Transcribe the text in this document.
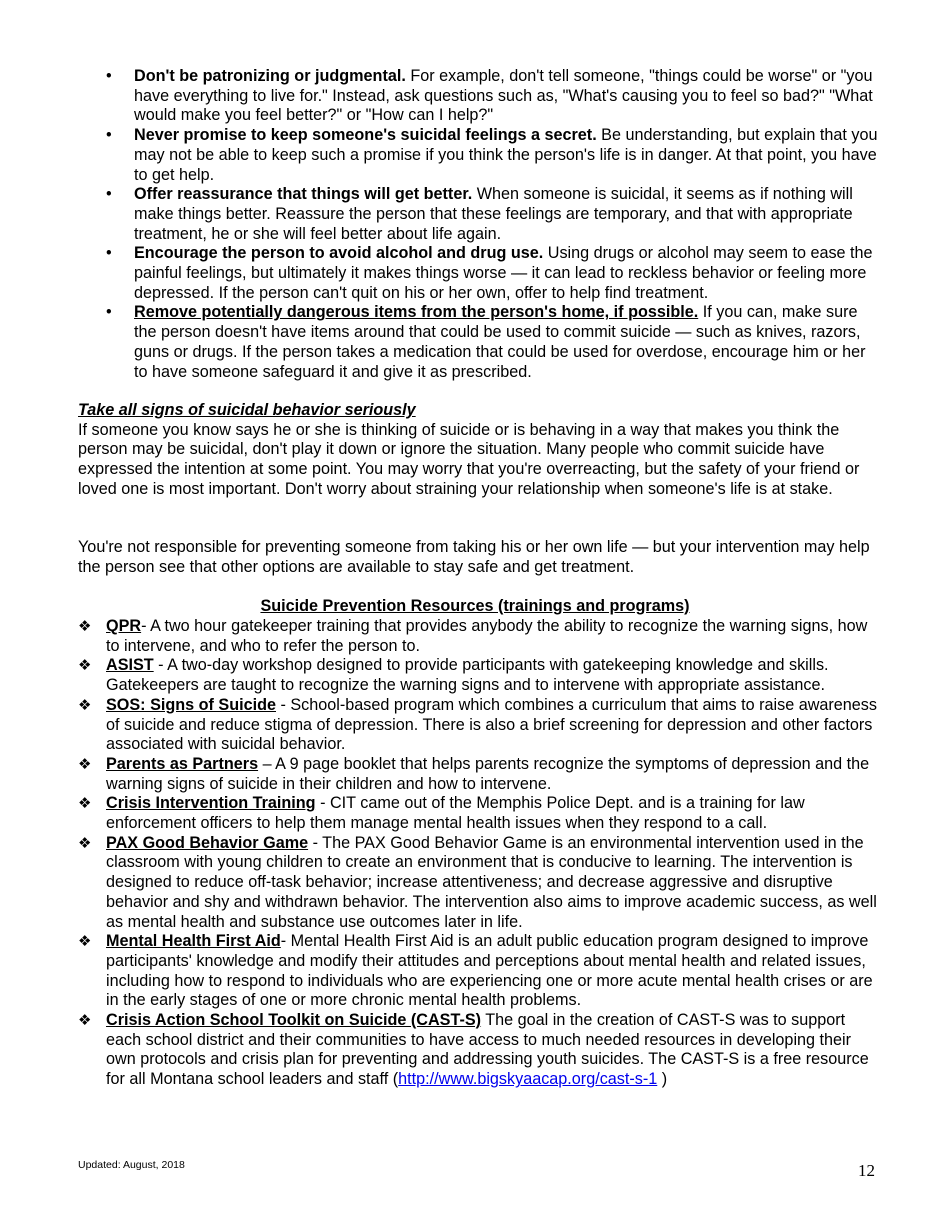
• Don't be patronizing or judgmental. For example, don't tell someone, "things could be worse" or "you have everything to live for." Instead, ask questions such as, "What's causing you to feel so bad?" "What would make you feel better?" or "How can I help?"
• Never promise to keep someone's suicidal feelings a secret. Be understanding, but explain that you may not be able to keep such a promise if you think the person's life is in danger. At that point, you have to get help.
• Offer reassurance that things will get better. When someone is suicidal, it seems as if nothing will make things better. Reassure the person that these feelings are temporary, and that with appropriate treatment, he or she will feel better about life again.
• Encourage the person to avoid alcohol and drug use. Using drugs or alcohol may seem to ease the painful feelings, but ultimately it makes things worse — it can lead to reckless behavior or feeling more depressed. If the person can't quit on his or her own, offer to help find treatment.
• Remove potentially dangerous items from the person's home, if possible. If you can, make sure the person doesn't have items around that could be used to commit suicide — such as knives, razors, guns or drugs. If the person takes a medication that could be used for overdose, encourage him or her to have someone safeguard it and give it as prescribed.
Take all signs of suicidal behavior seriously
If someone you know says he or she is thinking of suicide or is behaving in a way that makes you think the person may be suicidal, don't play it down or ignore the situation. Many people who commit suicide have expressed the intention at some point. You may worry that you're overreacting, but the safety of your friend or loved one is most important. Don't worry about straining your relationship when someone's life is at stake.
You're not responsible for preventing someone from taking his or her own life — but your intervention may help the person see that other options are available to stay safe and get treatment.
Suicide Prevention Resources (trainings and programs)
❖ QPR- A two hour gatekeeper training that provides anybody the ability to recognize the warning signs, how to intervene, and who to refer the person to.
❖ ASIST - A two-day workshop designed to provide participants with gatekeeping knowledge and skills. Gatekeepers are taught to recognize the warning signs and to intervene with appropriate assistance.
❖ SOS: Signs of Suicide - School-based program which combines a curriculum that aims to raise awareness of suicide and reduce stigma of depression. There is also a brief screening for depression and other factors associated with suicidal behavior.
❖ Parents as Partners – A 9 page booklet that helps parents recognize the symptoms of depression and the warning signs of suicide in their children and how to intervene.
❖ Crisis Intervention Training - CIT came out of the Memphis Police Dept. and is a training for law enforcement officers to help them manage mental health issues when they respond to a call.
❖ PAX Good Behavior Game - The PAX Good Behavior Game is an environmental intervention used in the classroom with young children to create an environment that is conducive to learning. The intervention is designed to reduce off-task behavior; increase attentiveness; and decrease aggressive and disruptive behavior and shy and withdrawn behavior. The intervention also aims to improve academic success, as well as mental health and substance use outcomes later in life.
❖ Mental Health First Aid- Mental Health First Aid is an adult public education program designed to improve participants' knowledge and modify their attitudes and perceptions about mental health and related issues, including how to respond to individuals who are experiencing one or more acute mental health crises or are in the early stages of one or more chronic mental health problems.
❖ Crisis Action School Toolkit on Suicide (CAST-S) The goal in the creation of CAST-S was to support each school district and their communities to have access to much needed resources in developing their own protocols and crisis plan for preventing and addressing youth suicides. The CAST-S is a free resource for all Montana school leaders and staff (http://www.bigskyaacap.org/cast-s-1 )
Updated: August, 2018	12
